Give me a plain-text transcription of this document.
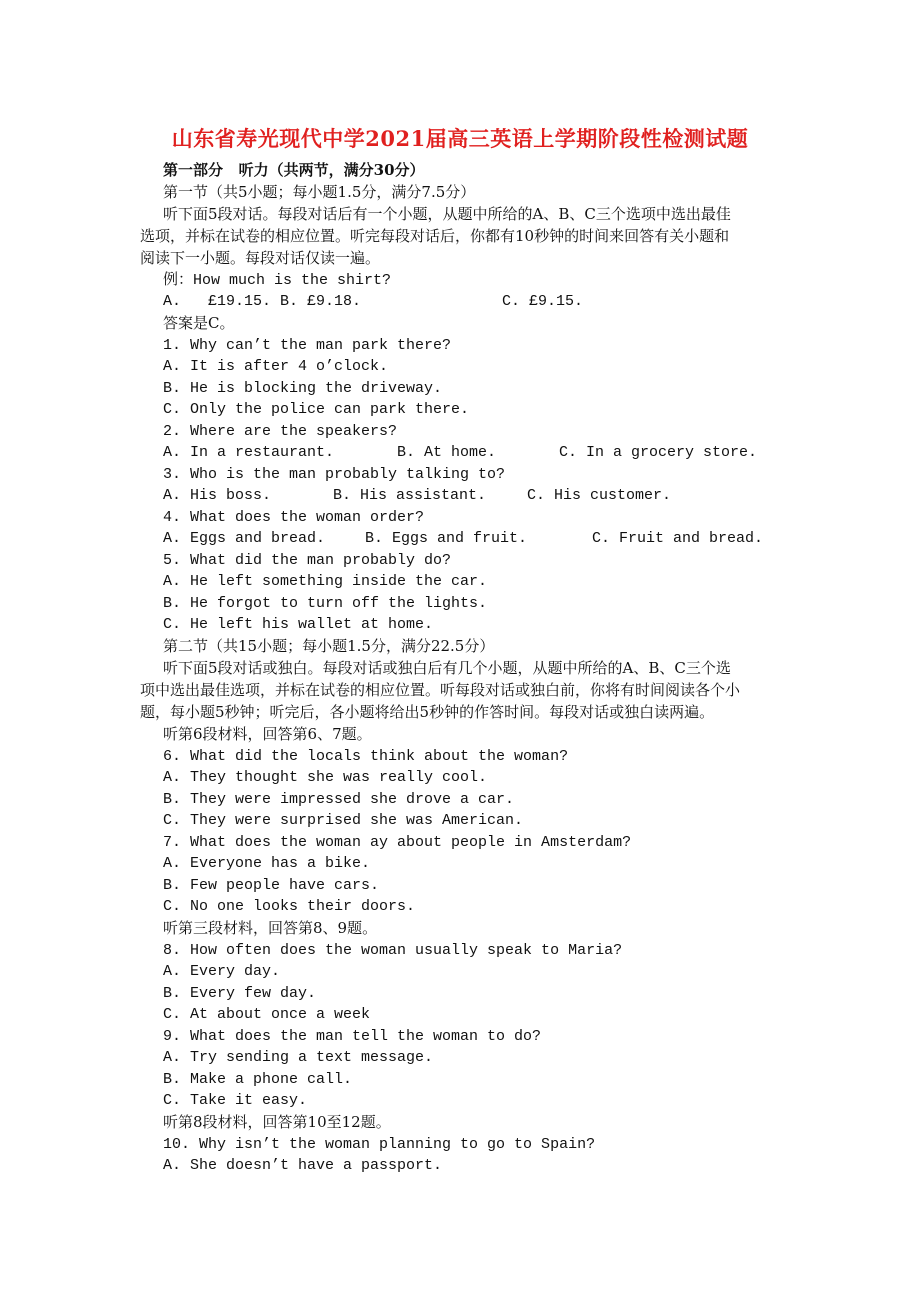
山东省寿光现代中学2021届高三英语上学期阶段性检测试题
第一部分   听力（共两节，满分30分）
第一节（共5小题；每小题1.5分，满分7.5分）
听下面5段对话。每段对话后有一个小题，从题中所给的A、B、C三个选项中选出最佳
选项，并标在试卷的相应位置。听完每段对话后，你都有10秒钟的时间来回答有关小题和
阅读下一小题。每段对话仅读一遍。
例：How much is the shirt?
A.   £19.15. B. £9.18.	C. £9.15.
答案是C。
1. Why can’t the man park there?
A. It is after 4 o’clock.
B. He is blocking the driveway.
C. Only the police can park there.
2. Where are the speakers?
A. In a restaurant.	B. At home.	C. In a grocery store.
3. Who is the man probably talking to?
A. His boss.	B. His assistant.	C. His customer.
4. What does the woman order?
A. Eggs and bread.	B. Eggs and fruit.	C. Fruit and bread.
5. What did the man probably do?
A. He left something inside the car.
B. He forgot to turn off the lights.
C. He left his wallet at home.
第二节（共15小题；每小题1.5分，满分22.5分）
听下面5段对话或独白。每段对话或独白后有几个小题，从题中所给的A、B、C三个选
项中选出最佳选项，并标在试卷的相应位置。听每段对话或独白前，你将有时间阅读各个小
题，每小题5秒钟；听完后，各小题将给出5秒钟的作答时间。每段对话或独白读两遍。
听第6段材料，回答第6、7题。
6. What did the locals think about the woman?
A. They thought she was really cool.
B. They were impressed she drove a car.
C. They were surprised she was American.
7. What does the woman ay about people in Amsterdam?
A. Everyone has a bike.
B. Few people have cars.
C. No one looks their doors.
听第三段材料，回答第8、9题。
8. How often does the woman usually speak to Maria?
A. Every day.
B. Every few day.
C. At about once a week
9. What does the man tell the woman to do?
A. Try sending a text message.
B. Make a phone call.
C. Take it easy.
听第8段材料，回答第10至12题。
10. Why isn’t the woman planning to go to Spain?
A. She doesn’t have a passport.
